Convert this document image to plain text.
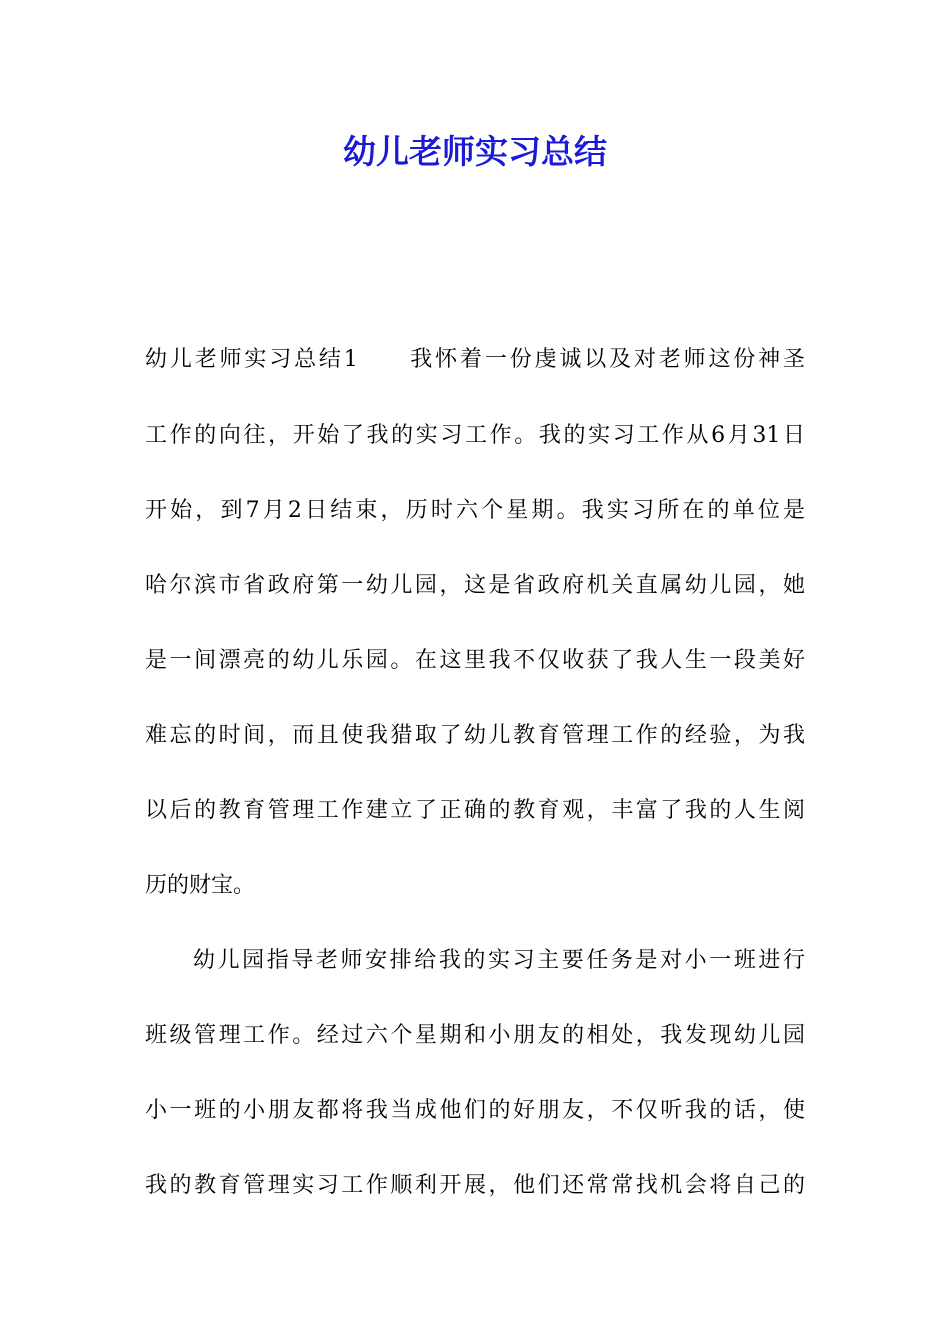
幼儿老师实习总结
幼儿老师实习总结1　　我怀着一份虔诚以及对老师这份神圣
工作的向往，开始了我的实习工作。我的实习工作从6月31日
开始，到7月2日结束，历时六个星期。我实习所在的单位是
哈尔滨市省政府第一幼儿园，这是省政府机关直属幼儿园，她
是一间漂亮的幼儿乐园。在这里我不仅收获了我人生一段美好
难忘的时间，而且使我猎取了幼儿教育管理工作的经验，为我
以后的教育管理工作建立了正确的教育观，丰富了我的人生阅
历的财宝。
幼儿园指导老师安排给我的实习主要任务是对小一班进行
班级管理工作。经过六个星期和小朋友的相处，我发现幼儿园
小一班的小朋友都将我当成他们的好朋友，不仅听我的话，使
我的教育管理实习工作顺利开展，他们还常常找机会将自己的
